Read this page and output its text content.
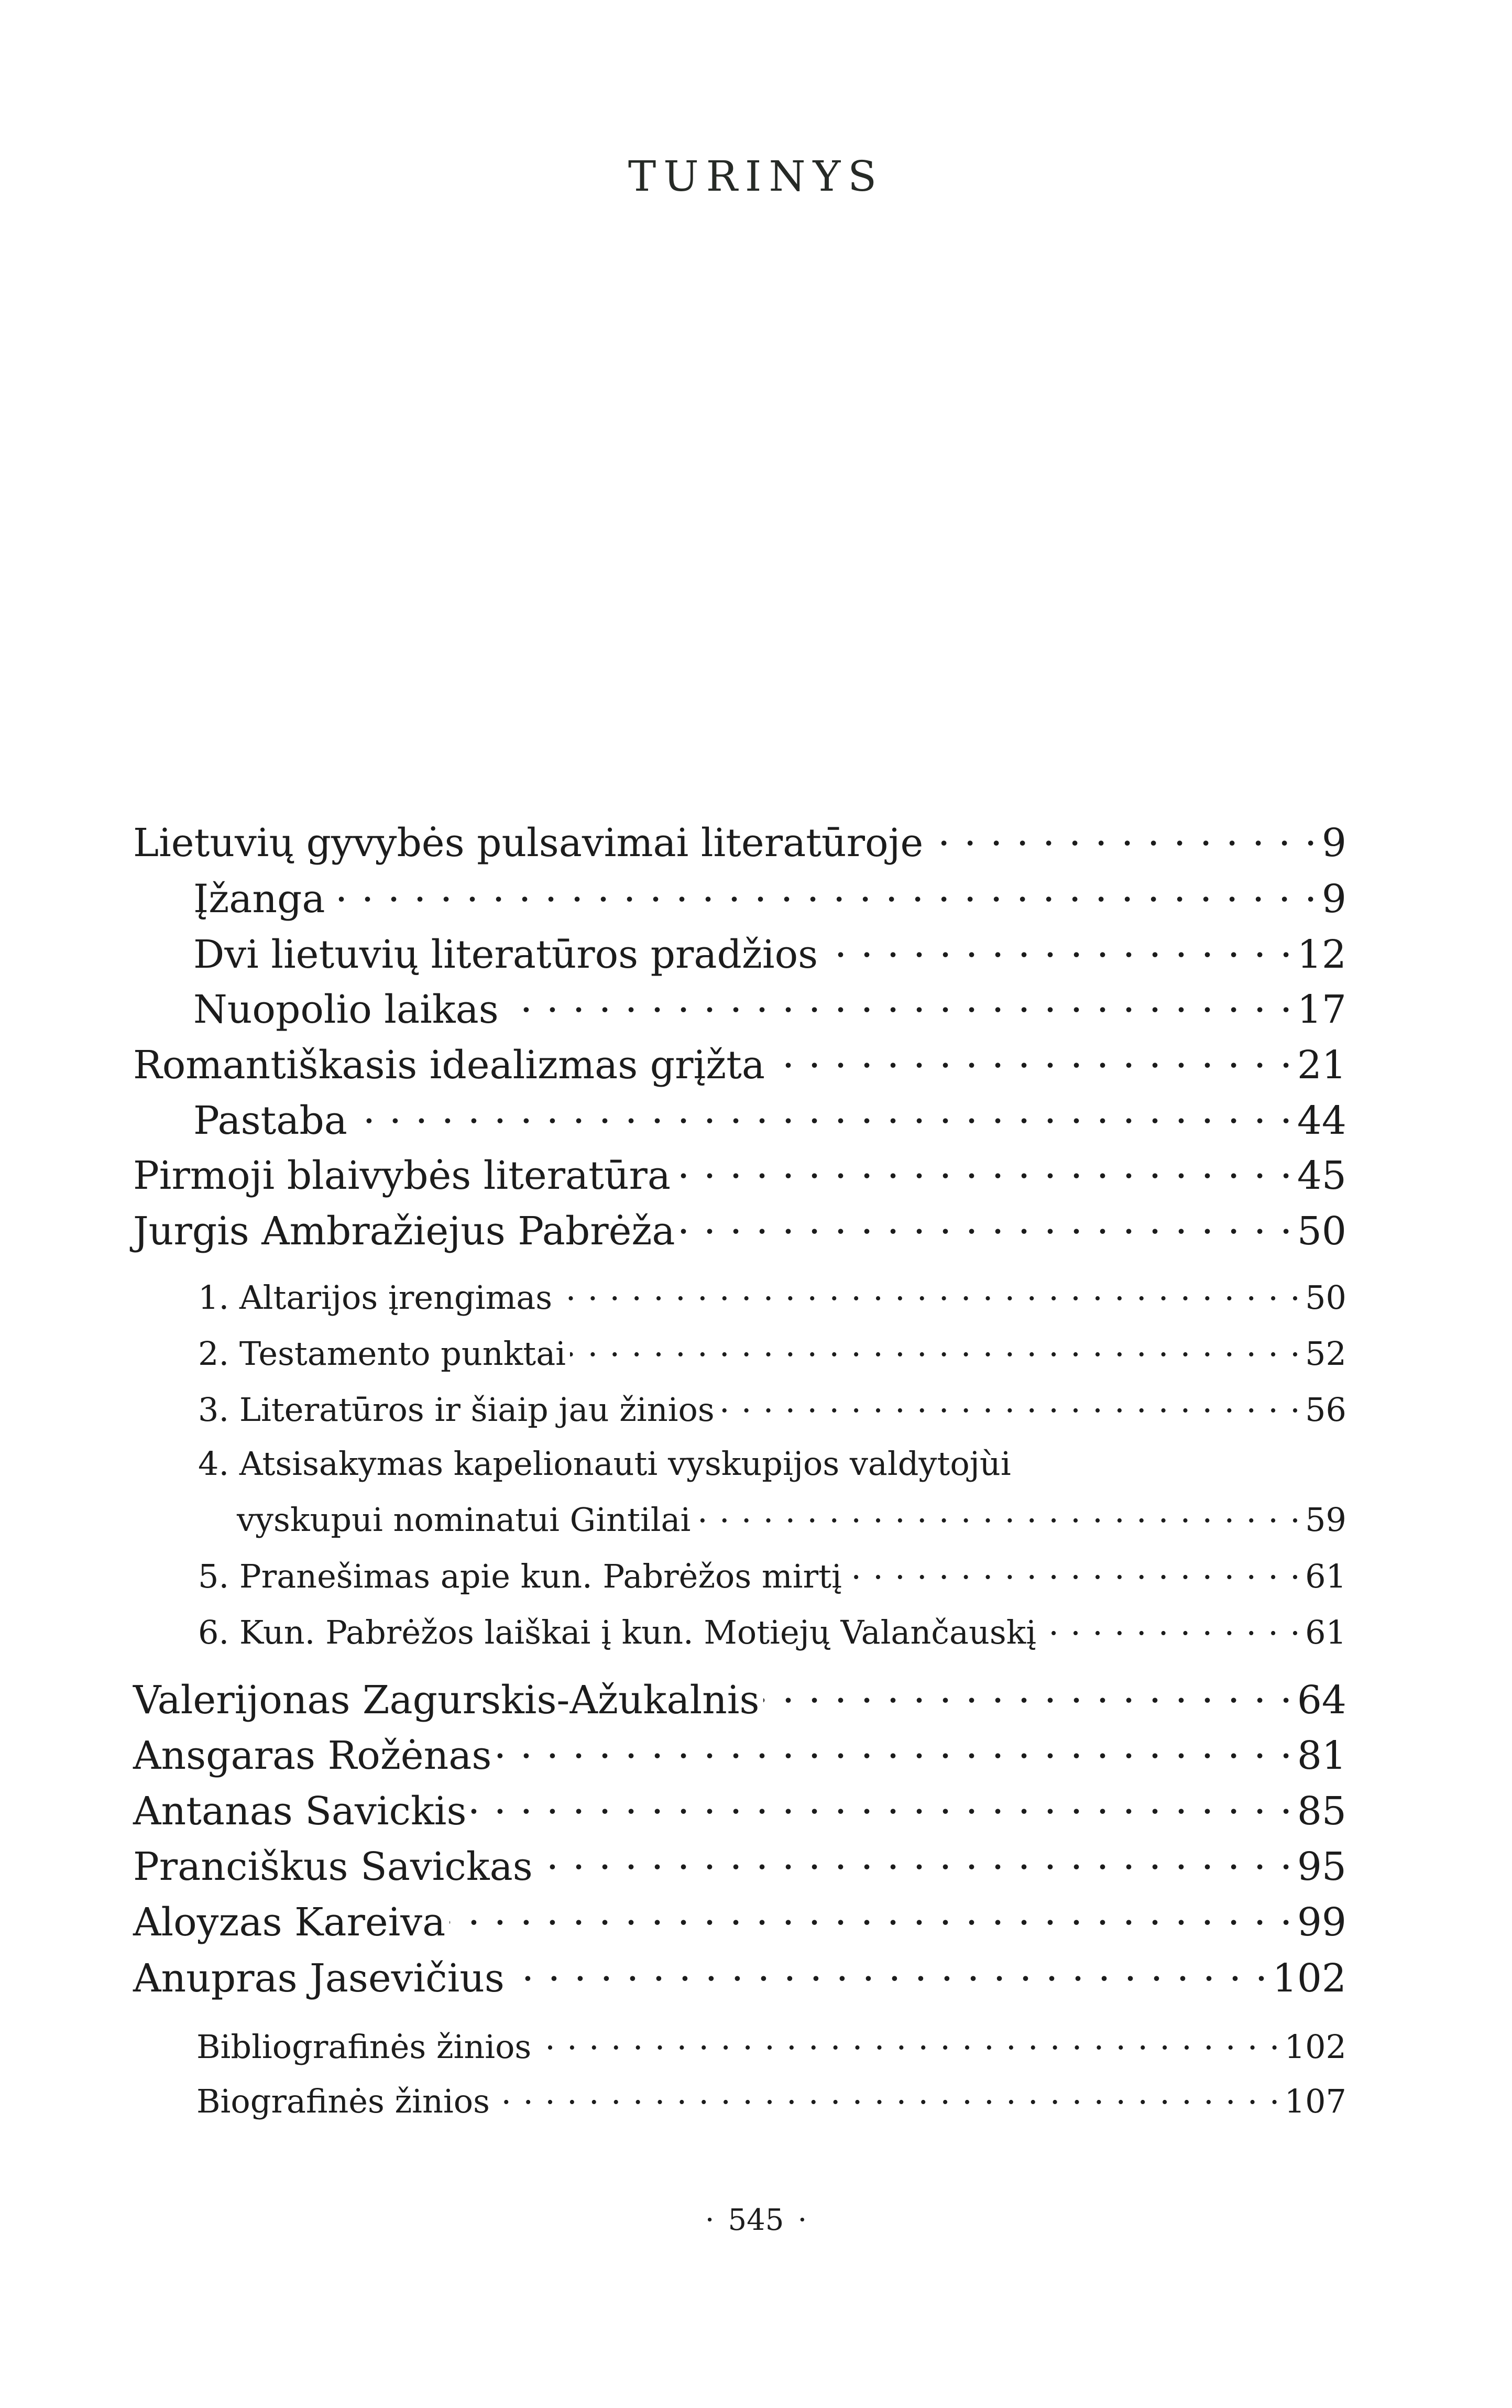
TURINYS
Lietuvių gyvybės pulsavimai literatūroje . . .	9
Įžanga . . .	9
Dvi lietuvių literatūros pradžios . . .	12
Nuopolio laikas . . .	17
Romantiškasis idealizmas grįžta . . .	21
Pastaba . . .	44
Pirmoji blaivybės literatūra . . .	45
Jurgis Ambražiejus Pabrėža . . .	50
1. Altarijos įrengimas . . .	50
2. Testamento punktai . . .	52
3. Literatūros ir šiaip jau žinios . . .	56
4. Atsisakymas kapelionauti vyskupijos valdytojùi
vyskupui nominatui Gintilai . . .	59
5. Pranešimas apie kun. Pabrėžos mirtį . . .	61
6. Kun. Pabrėžos laiškai į kun. Motiejų Valančauskį . . .	61
Valerijonas Zagurskis-Ažukalnis . . .	64
Ansgaras Rožėnas . . .	81
Antanas Savickis . . .	85
Pranciškus Savickas . . .	95
Aloyzas Kareiva . . .	99
Anupras Jasevičius . . .	102
Bibliografinės žinios . . .	102
Biografinės žinios . . .	107
· 545 ·
